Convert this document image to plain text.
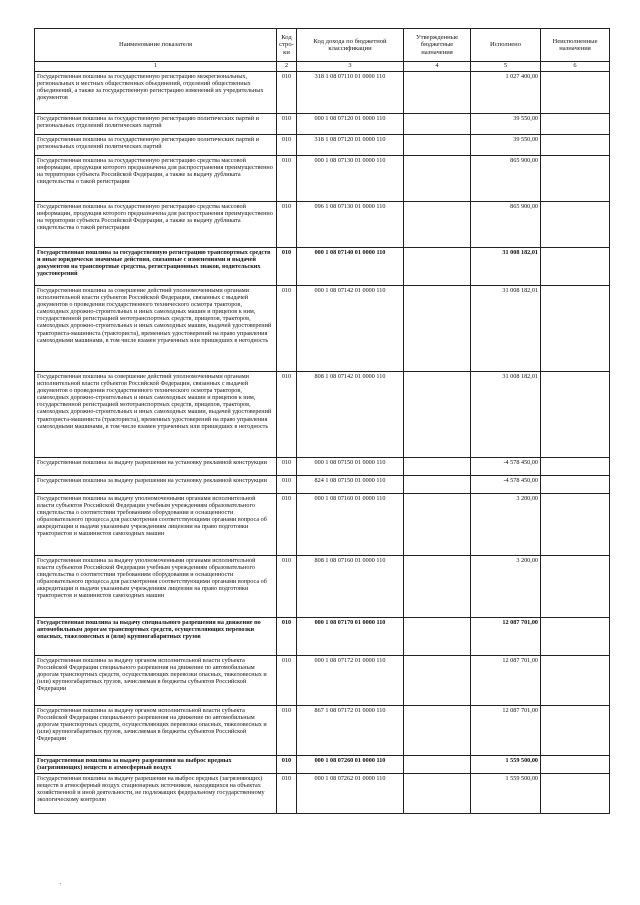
Наименование показателя	Код стро-ки	Код дохода по бюджетной классификации	Утвержденные бюджетные назначения	Исполнено	Неисполненные назначения
1	2	3	4	5	6
Государственная пошлина за государственную регистрацию межрегиональных, региональных и местных общественных объединений, отделений общественных объединений, а также за государственную регистрацию изменений их учредительных документов	010	318 1 08 07110 01 0000 110		1 027 400,00	
Государственная пошлина за государственную регистрацию политических партий и региональных отделений политических партий	010	000 1 08 07120 01 0000 110		39 550,00	
Государственная пошлина за государственную регистрацию политических партий и региональных отделений политических партий	010	318 1 08 07120 01 0000 110		39 550,00	
Государственная пошлина за государственную регистрацию средства массовой информации, продукция которого предназначена для распространения преимущественно на территории субъекта Российской Федерации, а также за выдачу дубликата свидетельства о такой регистрации	010	000 1 08 07130 01 0000 110		865 900,00	
Государственная пошлина за государственную регистрацию средства массовой информации, продукция которого предназначена для распространения преимущественно на территории субъекта Российской Федерации, а также за выдачу дубликата свидетельства о такой регистрации	010	096 1 08 07130 01 0000 110		865 900,00	
Государственная пошлина за государственную регистрацию транспортных средств и иные юридически значимые действия, связанные с изменениями и выдачей документов на транспортные средства, регистрационных знаков, водительских удостоверений	010	000 1 08 07140 01 0000 110		31 008 182,01	
Государственная пошлина за совершение действий уполномоченными органами исполнительной власти субъектов Российской Федерации, связанных с выдачей документов о проведении государственного технического осмотра тракторов, самоходных дорожно-строительных и иных самоходных машин и прицепов к ним, государственной регистрацией мототранспортных средств, прицепов, тракторов, самоходных дорожно-строительных и иных самоходных машин, выдачей удостоверений тракториста-машиниста (тракториста), временных удостоверений на право управления самоходными машинами, в том числе взамен утраченных или пришедших в негодность	010	000 1 08 07142 01 0000 110		31 008 182,01	
Государственная пошлина за совершение действий уполномоченными органами исполнительной власти субъектов Российской Федерации, связанных с выдачей документов о проведении государственного технического осмотра тракторов, самоходных дорожно-строительных и иных самоходных машин и прицепов к ним, государственной регистрацией мототранспортных средств, прицепов, тракторов, самоходных дорожно-строительных и иных самоходных машин, выдачей удостоверений тракториста-машиниста (тракториста), временных удостоверений на право управления самоходными машинами, в том числе взамен утраченных или пришедших в негодность	010	808 1 08 07142 01 0000 110		31 008 182,01	
Государственная пошлина за выдачу разрешения на установку рекламной конструкции	010	000 1 08 07150 01 0000 110		-4 578 450,00	
Государственная пошлина за выдачу разрешения на установку рекламной конструкции	010	824 1 08 07150 01 0000 110		-4 578 450,00	
Государственная пошлина за выдачу уполномоченными органами исполнительной власти субъектов Российской Федерации учебным учреждениям образовательного свидетельства о соответствии требованиям оборудования и оснащенности образовательного процесса для рассмотрения соответствующими органами вопроса об аккредитации и выдачи указанным учреждениям лицензии на право подготовки трактористов и машинистов самоходных машин	010	000 1 08 07160 01 0000 110		3 200,00	
Государственная пошлина за выдачу уполномоченными органами исполнительной власти субъектов Российской Федерации учебным учреждениям образовательного свидетельства о соответствии требованиям оборудования и оснащенности образовательного процесса для рассмотрения соответствующими органами вопроса об аккредитации и выдачи указанным учреждениям лицензии на право подготовки трактористов и машинистов самоходных машин	010	808 1 08 07160 01 0000 110		3 200,00	
Государственная пошлина за выдачу специального разрешения на движение по автомобильным дорогам транспортных средств, осуществляющих перевозки опасных, тяжеловесных и (или) крупногабаритных грузов	010	000 1 08 07170 01 0000 110		12 087 701,00	
Государственная пошлина за выдачу органом исполнительной власти субъекта Российской Федерации специального разрешения на движение по автомобильным дорогам транспортных средств, осуществляющих перевозки опасных, тяжеловесных и (или) крупногабаритных грузов, зачисляемая в бюджеты субъектов Российской Федерации	010	000 1 08 07172 01 0000 110		12 087 701,00	
Государственная пошлина за выдачу органом исполнительной власти субъекта Российской Федерации специального разрешения на движение по автомобильным дорогам транспортных средств, осуществляющих перевозки опасных, тяжеловесных и (или) крупногабаритных грузов, зачисляемая в бюджеты субъектов Российской Федерации	010	867 1 08 07172 01 0000 110		12 087 701,00	
Государственная пошлина за выдачу разрешения на выброс вредных (загрязняющих) веществ в атмосферный воздух	010	000 1 08 07260 01 0000 110		1 559 500,00	
Государственная пошлина за выдачу разрешения на выброс вредных (загрязняющих) веществ в атмосферный воздух стационарных источников, находящихся на объектах хозяйственной и иной деятельности, не подлежащих федеральному государственному экологическому контролю	010	000 1 08 07262 01 0000 110		1 559 500,00	
.
